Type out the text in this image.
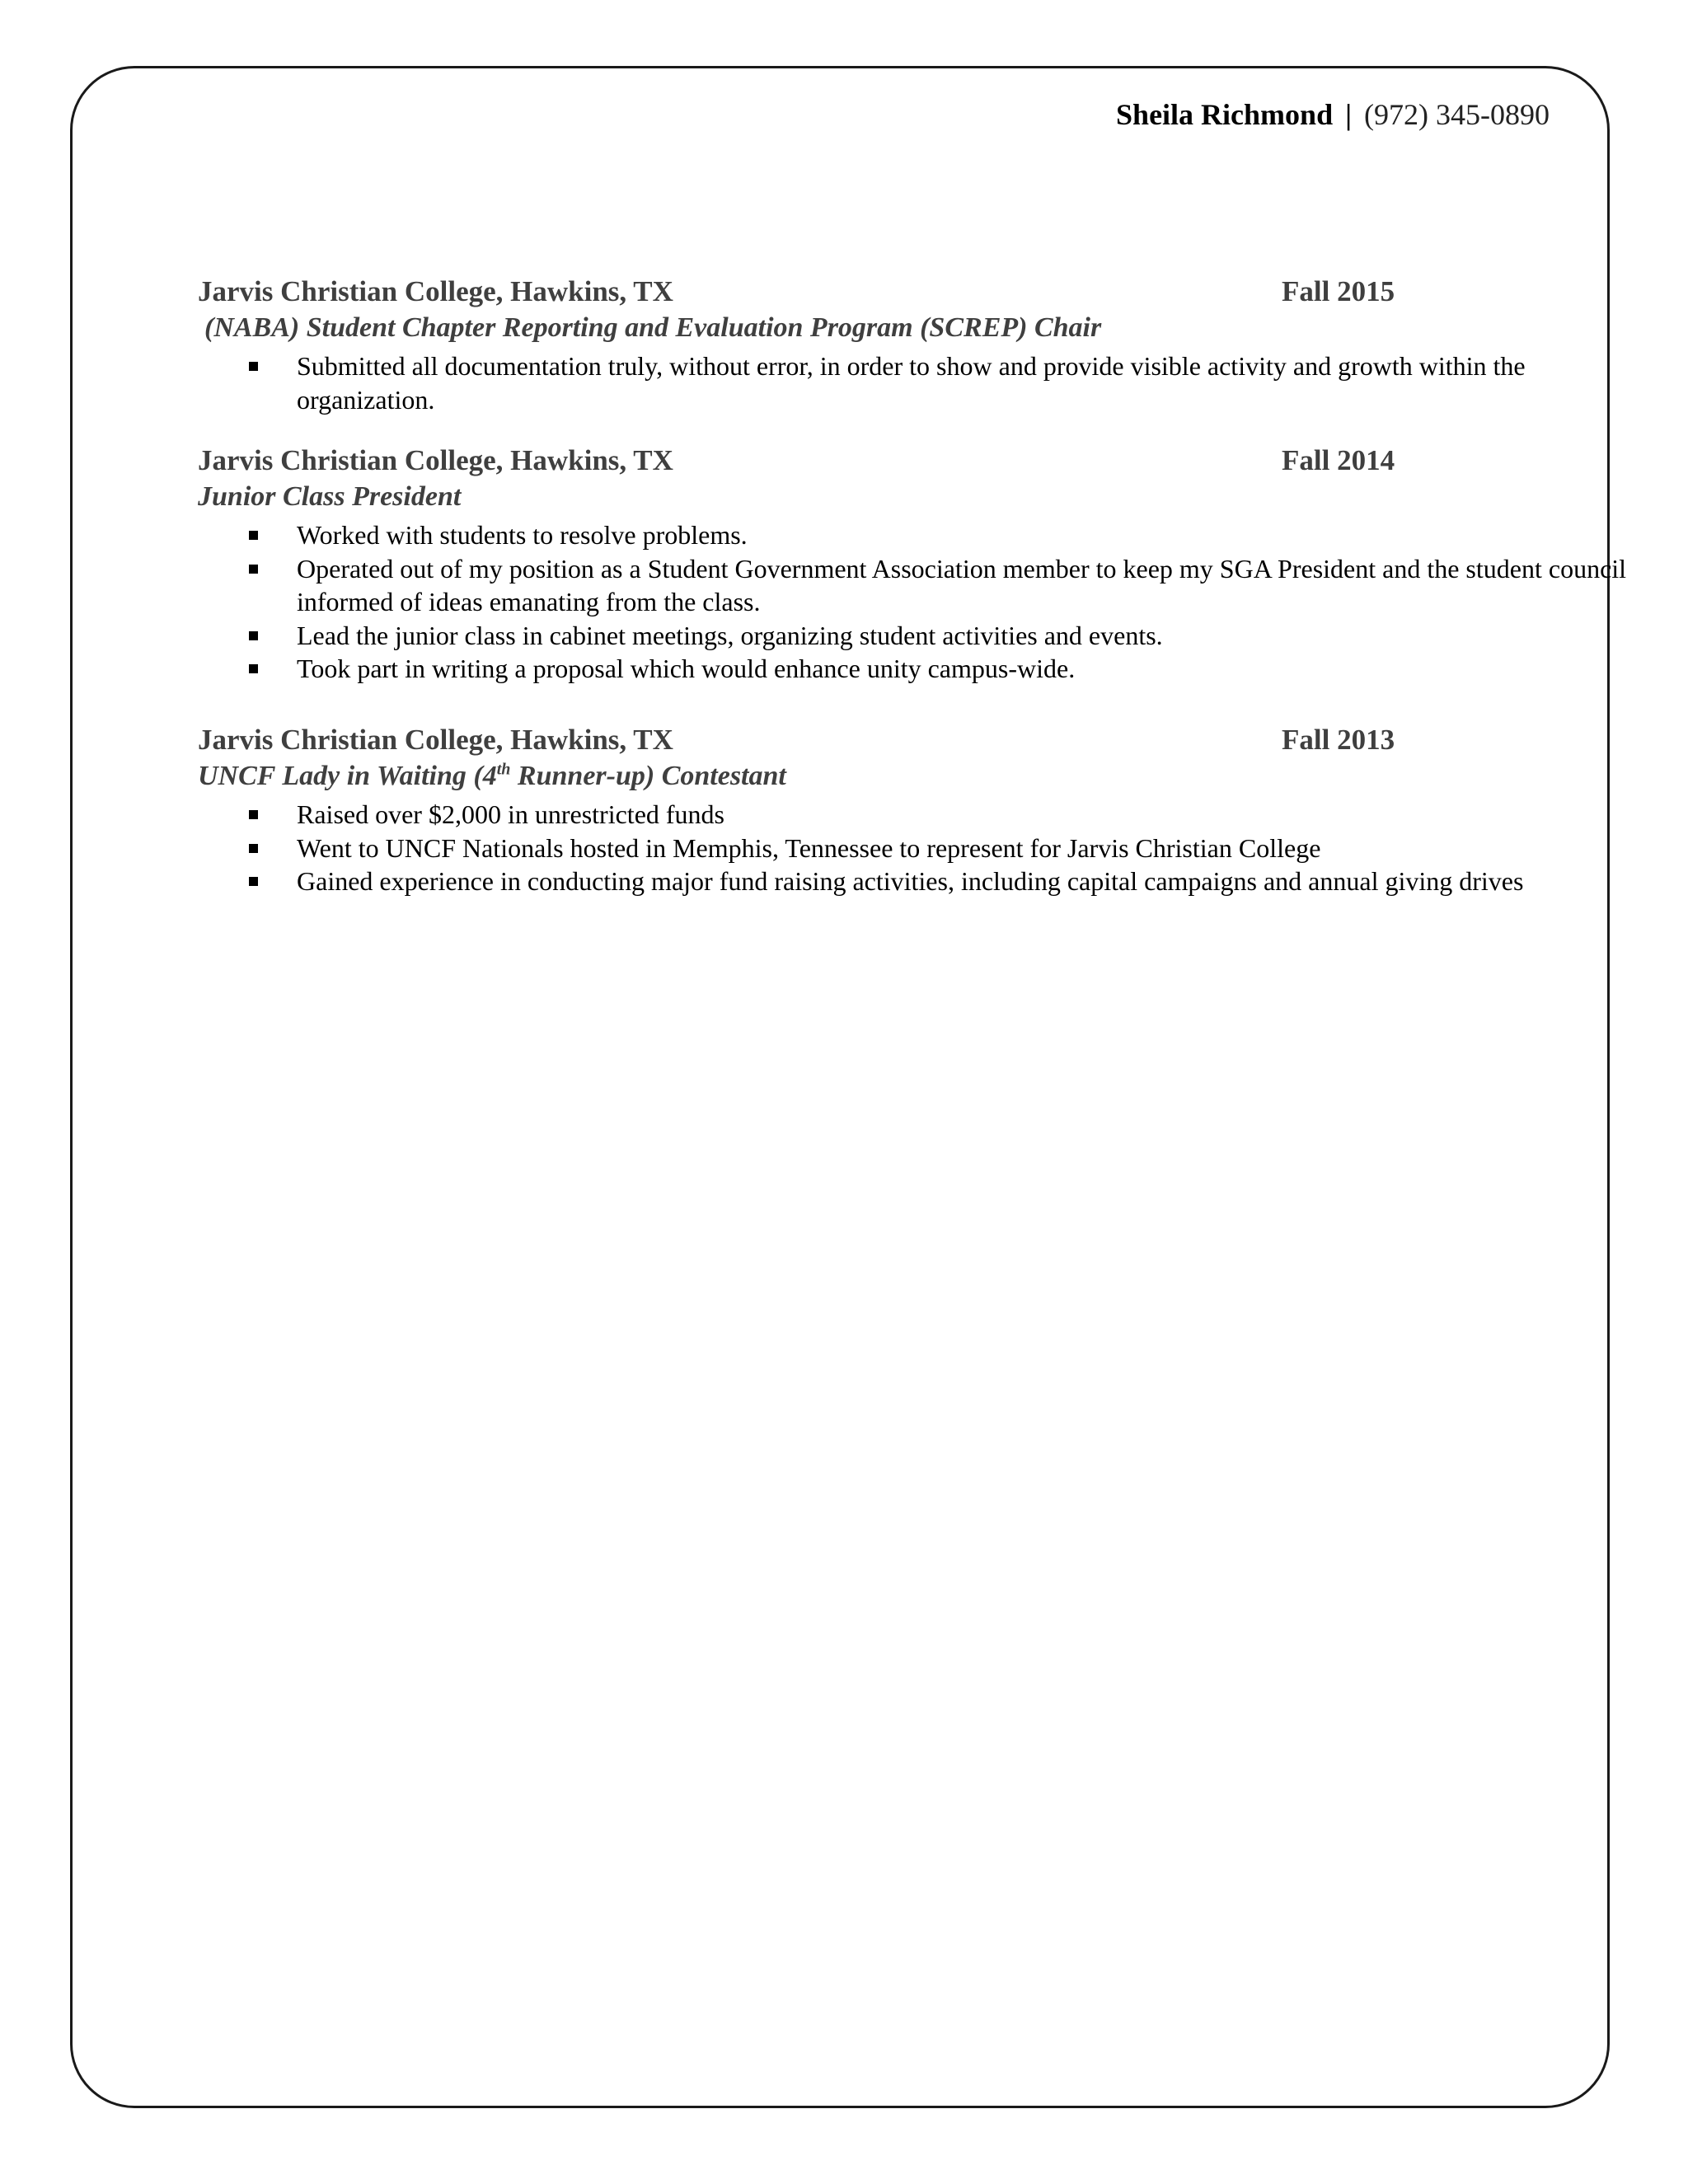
Sheila Richmond | (972) 345-0890
Jarvis Christian College, Hawkins, TX	Fall 2015
(NABA) Student Chapter Reporting and Evaluation Program (SCREP) Chair
Submitted all documentation truly, without error, in order to show and provide visible activity and growth within the organization.
Jarvis Christian College, Hawkins, TX	Fall 2014
Junior Class President
Worked with students to resolve problems.
Operated out of my position as a Student Government Association member to keep my SGA President and the student council informed of ideas emanating from the class.
Lead the junior class in cabinet meetings, organizing student activities and events.
Took part in writing a proposal which would enhance unity campus-wide.
Jarvis Christian College, Hawkins, TX	Fall 2013
UNCF Lady in Waiting (4th Runner-up) Contestant
Raised over $2,000 in unrestricted funds
Went to UNCF Nationals hosted in Memphis, Tennessee to represent for Jarvis Christian College
Gained experience in conducting major fund raising activities, including capital campaigns and annual giving drives
